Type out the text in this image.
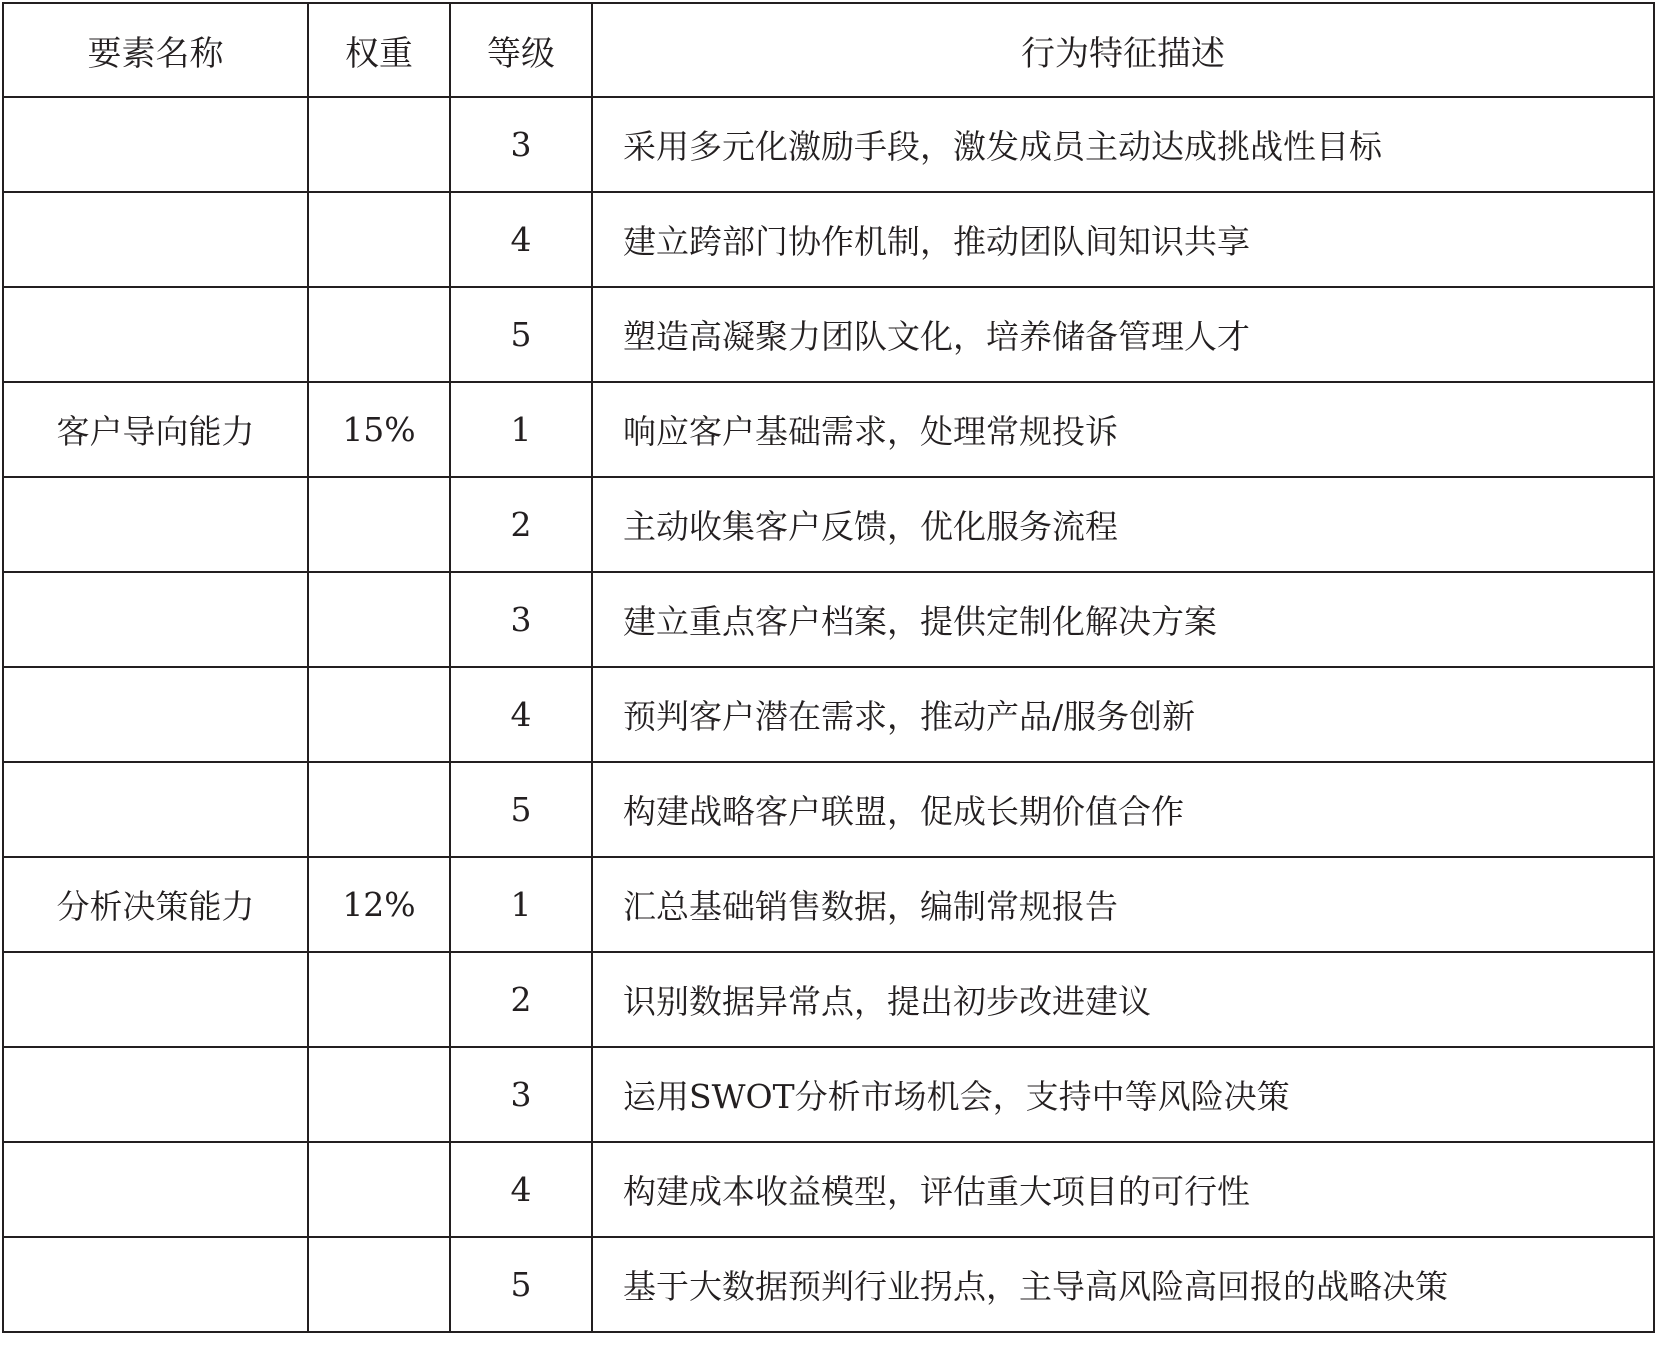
要素名称	权重	等级	行为特征描述
		3	采用多元化激励手段，激发成员主动达成挑战性目标
		4	建立跨部门协作机制，推动团队间知识共享
		5	塑造高凝聚力团队文化，培养储备管理人才
客户导向能力	15%	1	响应客户基础需求，处理常规投诉
		2	主动收集客户反馈，优化服务流程
		3	建立重点客户档案，提供定制化解决方案
		4	预判客户潜在需求，推动产品/服务创新
		5	构建战略客户联盟，促成长期价值合作
分析决策能力	12%	1	汇总基础销售数据，编制常规报告
		2	识别数据异常点，提出初步改进建议
		3	运用SWOT分析市场机会，支持中等风险决策
		4	构建成本收益模型，评估重大项目的可行性
		5	基于大数据预判行业拐点，主导高风险高回报的战略决策
